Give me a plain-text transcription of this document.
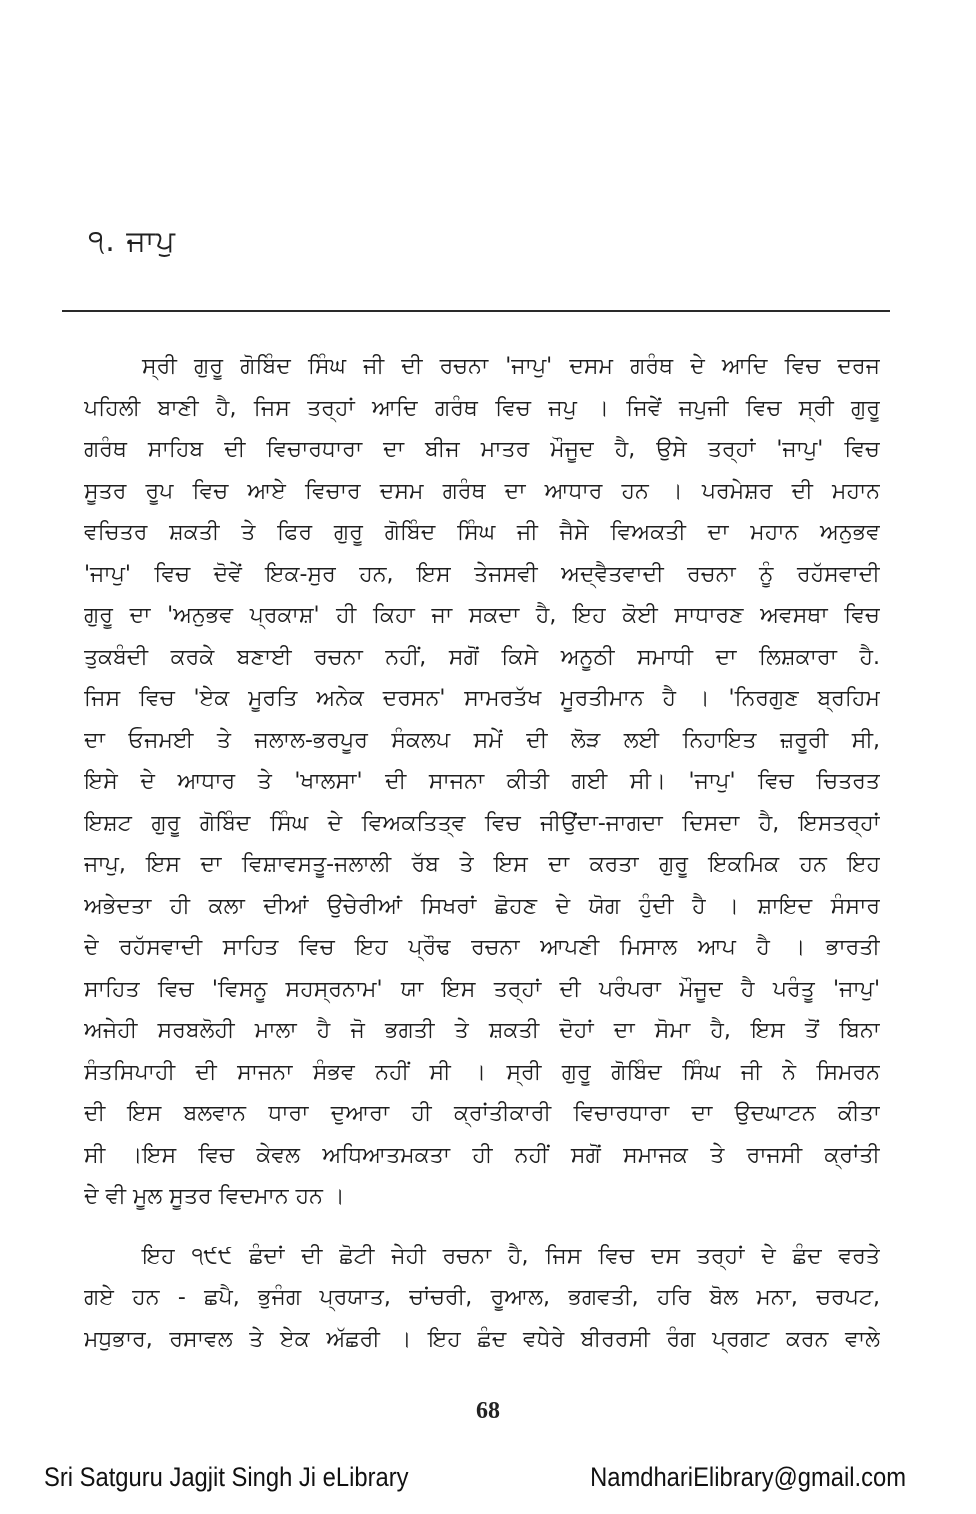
੧. ਜਾਪੁ
ਸ੍ਰੀ ਗੁਰੂ ਗੋਬਿੰਦ ਸਿੰਘ ਜੀ ਦੀ ਰਚਨਾ 'ਜਾਪੁ' ਦਸਮ ਗਰੰਥ ਦੇ ਆਦਿ ਵਿਚ ਦਰਜ
ਪਹਿਲੀ ਬਾਣੀ ਹੈ, ਜਿਸ ਤਰ੍ਹਾਂ ਆਦਿ ਗਰੰਥ ਵਿਚ ਜਪੁ । ਜਿਵੇਂ ਜਪੁਜੀ ਵਿਚ ਸ੍ਰੀ ਗੁਰੂ
ਗਰੰਥ ਸਾਹਿਬ ਦੀ ਵਿਚਾਰਧਾਰਾ ਦਾ ਬੀਜ ਮਾਤਰ ਮੌਜੂਦ ਹੈ, ਉਸੇ ਤਰ੍ਹਾਂ 'ਜਾਪੁ' ਵਿਚ
ਸੂਤਰ ਰੂਪ ਵਿਚ ਆਏ ਵਿਚਾਰ ਦਸਮ ਗਰੰਥ ਦਾ ਆਧਾਰ ਹਨ । ਪਰਮੇਸ਼ਰ ਦੀ ਮਹਾਨ
ਵਚਿਤਰ ਸ਼ਕਤੀ ਤੇ ਫਿਰ ਗੁਰੂ ਗੋਬਿੰਦ ਸਿੰਘ ਜੀ ਜੈਸੇ ਵਿਅਕਤੀ ਦਾ ਮਹਾਨ ਅਨੁਭਵ
'ਜਾਪੁ' ਵਿਚ ਦੋਵੇਂ ਇਕ-ਸੁਰ ਹਨ, ਇਸ ਤੇਜਸਵੀ ਅਦ੍ਵੈਤਵਾਦੀ ਰਚਨਾ ਨੂੰ ਰਹੱਸਵਾਦੀ
ਗੁਰੂ ਦਾ 'ਅਨੁਭਵ ਪ੍ਰਕਾਸ਼' ਹੀ ਕਿਹਾ ਜਾ ਸਕਦਾ ਹੈ, ਇਹ ਕੋਈ ਸਾਧਾਰਣ ਅਵਸਥਾ ਵਿਚ
ਤੁਕਬੰਦੀ ਕਰਕੇ ਬਣਾਈ ਰਚਨਾ ਨਹੀਂ, ਸਗੋਂ ਕਿਸੇ ਅਨੂਠੀ ਸਮਾਧੀ ਦਾ ਲਿਸ਼ਕਾਰਾ ਹੈ.
ਜਿਸ ਵਿਚ 'ਏਕ ਮੂਰਤਿ ਅਨੇਕ ਦਰਸਨ' ਸਾਮਰਤੱਖ ਮੂਰਤੀਮਾਨ ਹੈ । 'ਨਿਰਗੁਣ ਬ੍ਰਹਿਮ
ਦਾ ਓਜਮਈ ਤੇ ਜਲਾਲ-ਭਰਪੂਰ ਸੰਕਲਪ ਸਮੇਂ ਦੀ ਲੋੜ ਲਈ ਨਿਹਾਇਤ ਜ਼ਰੂਰੀ ਸੀ,
ਇਸੇ ਦੇ ਆਧਾਰ ਤੇ 'ਖਾਲਸਾ' ਦੀ ਸਾਜਨਾ ਕੀਤੀ ਗਈ ਸੀ। 'ਜਾਪੁ' ਵਿਚ ਚਿਤਰਤ
ਇਸ਼ਟ ਗੁਰੂ ਗੋਬਿੰਦ ਸਿੰਘ ਦੇ ਵਿਅਕਤਿਤ੍ਵ ਵਿਚ ਜੀਉਂਦਾ-ਜਾਗਦਾ ਦਿਸਦਾ ਹੈ, ਇਸਤਰ੍ਹਾਂ
ਜਾਪੁ, ਇਸ ਦਾ ਵਿਸ਼ਾਵਸਤੂ-ਜਲਾਲੀ ਰੱਬ ਤੇ ਇਸ ਦਾ ਕਰਤਾ ਗੁਰੂ ਇਕਮਿਕ ਹਨ ਇਹ
ਅਭੇਦਤਾ ਹੀ ਕਲਾ ਦੀਆਂ ਉਚੇਰੀਆਂ ਸਿਖਰਾਂ ਛੋਹਣ ਦੇ ਯੋਗ ਹੁੰਦੀ ਹੈ । ਸ਼ਾਇਦ ਸੰਸਾਰ
ਦੇ ਰਹੱਸਵਾਦੀ ਸਾਹਿਤ ਵਿਚ ਇਹ ਪ੍ਰੌਢ ਰਚਨਾ ਆਪਣੀ ਮਿਸਾਲ ਆਪ ਹੈ । ਭਾਰਤੀ
ਸਾਹਿਤ ਵਿਚ 'ਵਿਸਨੂ ਸਹਸ੍ਰਨਾਮ' ਯਾ ਇਸ ਤਰ੍ਹਾਂ ਦੀ ਪਰੰਪਰਾ ਮੌਜੂਦ ਹੈ ਪਰੰਤੂ 'ਜਾਪੁ'
ਅਜੇਹੀ ਸਰਬਲੋਹੀ ਮਾਲਾ ਹੈ ਜੋ ਭਗਤੀ ਤੇ ਸ਼ਕਤੀ ਦੋਹਾਂ ਦਾ ਸੋਮਾ ਹੈ, ਇਸ ਤੋਂ ਬਿਨਾ
ਸੰਤਸਿਪਾਹੀ ਦੀ ਸਾਜਨਾ ਸੰਭਵ ਨਹੀਂ ਸੀ । ਸ੍ਰੀ ਗੁਰੂ ਗੋਬਿੰਦ ਸਿੰਘ ਜੀ ਨੇ ਸਿਮਰਨ
ਦੀ ਇਸ ਬਲਵਾਨ ਧਾਰਾ ਦੁਆਰਾ ਹੀ ਕ੍ਰਾਂਤੀਕਾਰੀ ਵਿਚਾਰਧਾਰਾ ਦਾ ਉਦਘਾਟਨ ਕੀਤਾ
ਸੀ ।ਇਸ ਵਿਚ ਕੇਵਲ ਅਧਿਆਤਮਕਤਾ ਹੀ ਨਹੀਂ ਸਗੋਂ ਸਮਾਜਕ ਤੇ ਰਾਜਸੀ ਕ੍ਰਾਂਤੀ
ਦੇ ਵੀ ਮੂਲ ਸੂਤਰ ਵਿਦਮਾਨ ਹਨ ।
ਇਹ ੧੯੯ ਛੰਦਾਂ ਦੀ ਛੋਟੀ ਜੇਹੀ ਰਚਨਾ ਹੈ, ਜਿਸ ਵਿਚ ਦਸ ਤਰ੍ਹਾਂ ਦੇ ਛੰਦ ਵਰਤੇ
ਗਏ ਹਨ - ਛਪੈ, ਭੁਜੰਗ ਪ੍ਰਯਾਤ, ਚਾਂਚਰੀ, ਰੂਆਲ, ਭਗਵਤੀ, ਹਰਿ ਬੋਲ ਮਨਾ, ਚਰਪਟ,
ਮਧੁਭਾਰ, ਰਸਾਵਲ ਤੇ ਏਕ ਅੱਛਰੀ । ਇਹ ਛੰਦ ਵਧੇਰੇ ਬੀਰਰਸੀ ਰੰਗ ਪ੍ਰਗਟ ਕਰਨ ਵਾਲੇ
68
Sri Satguru Jagjit Singh Ji eLibrary	NamdhariElibrary@gmail.com
